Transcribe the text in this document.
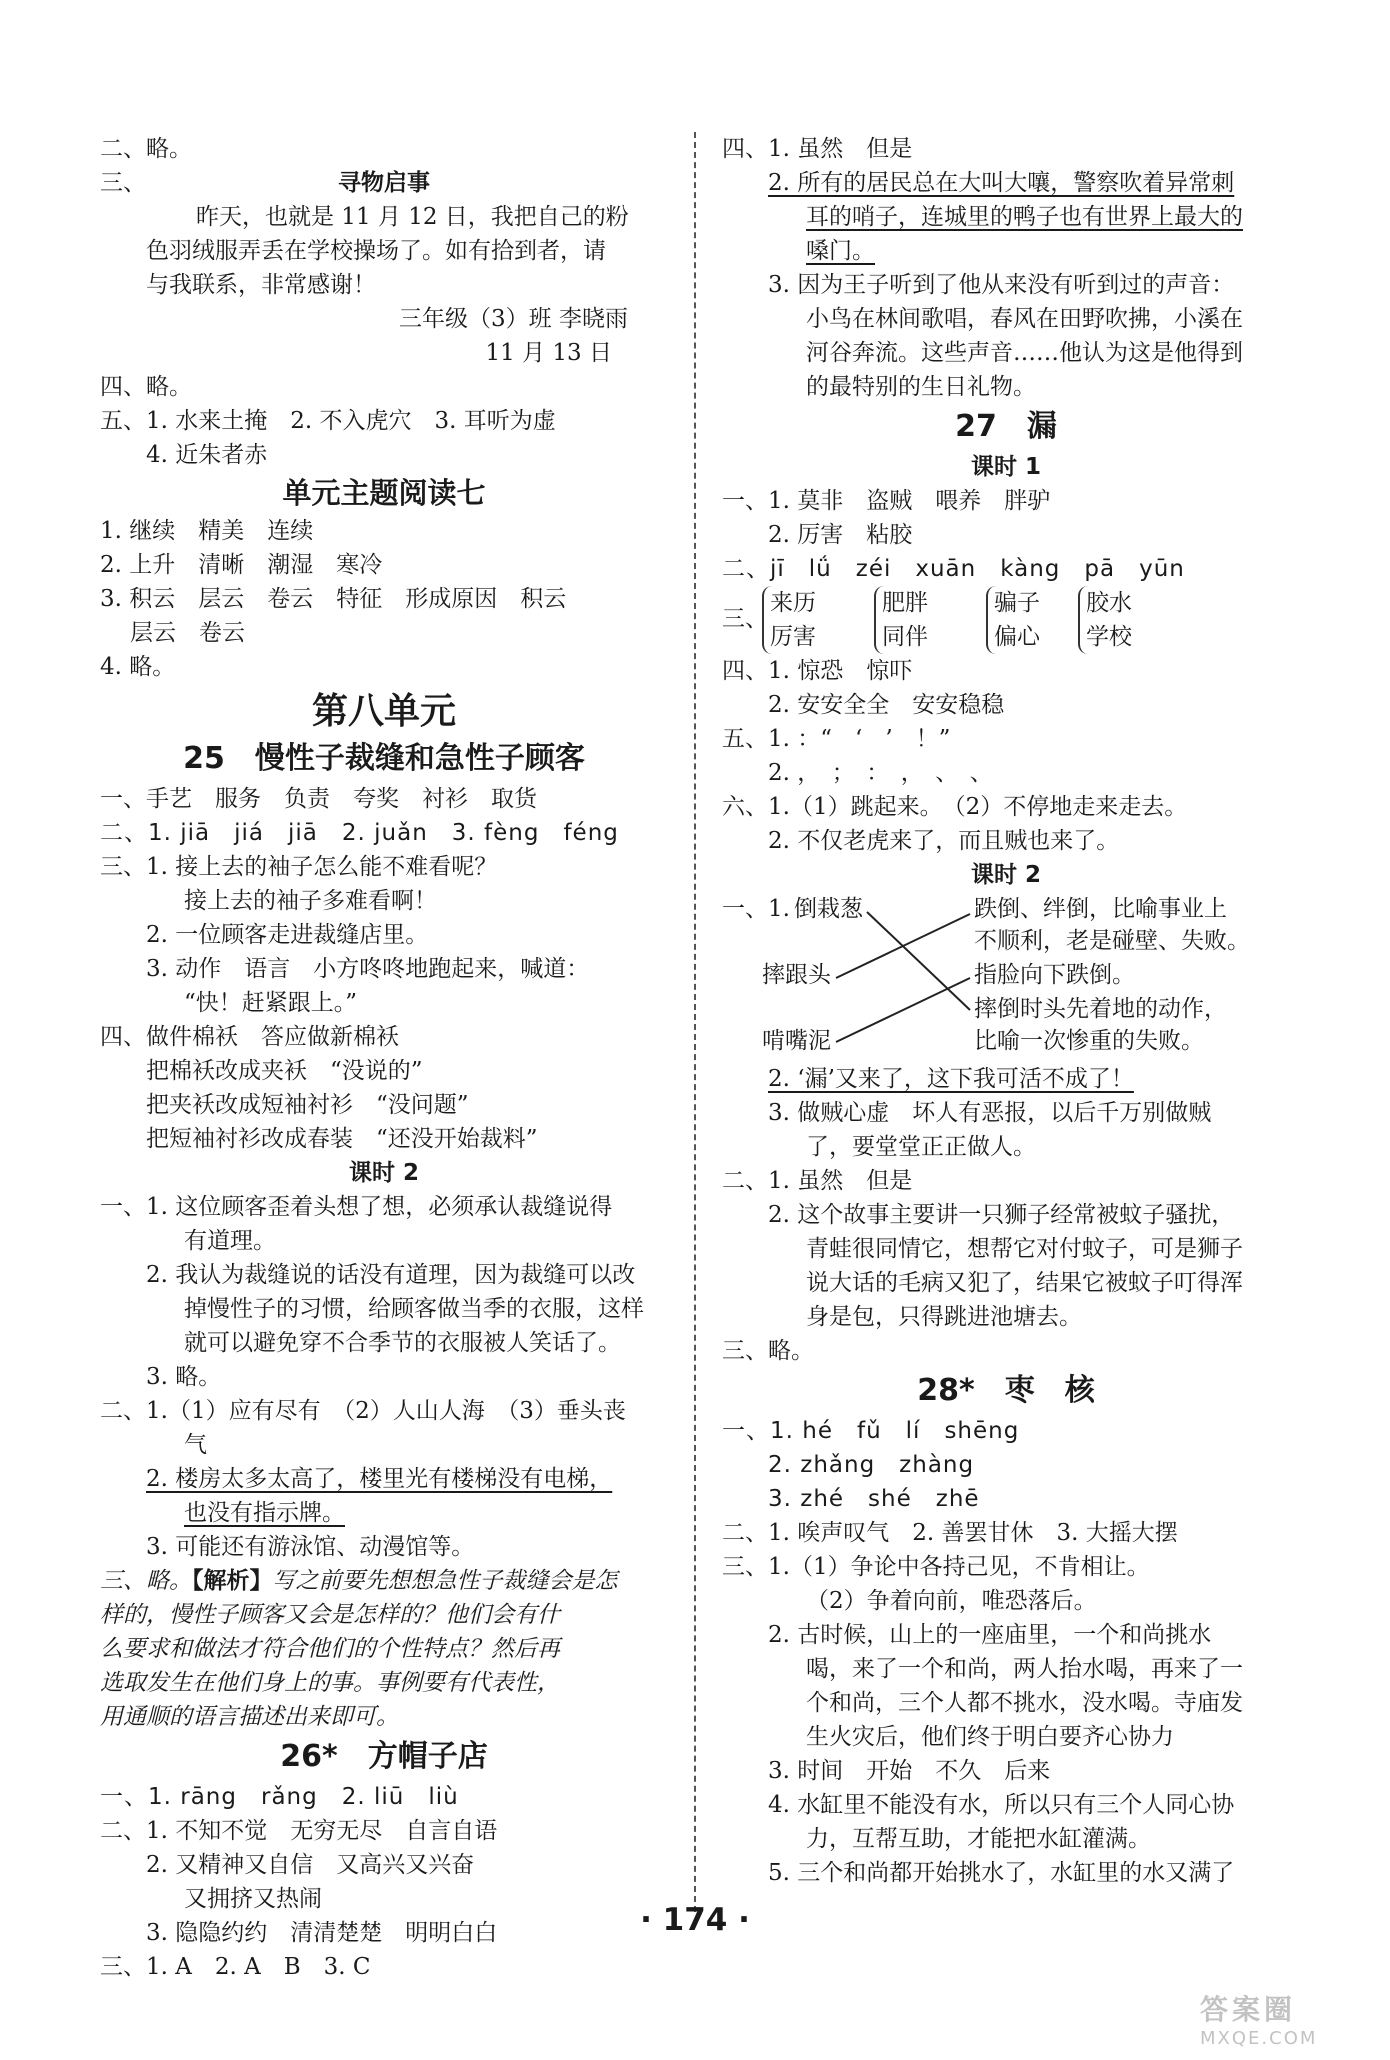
二、略。
三、	寻物启事
昨天，也就是 11 月 12 日，我把自己的粉
色羽绒服弄丢在学校操场了。如有拾到者，请
与我联系，非常感谢！
三年级（3）班 李晓雨
11 月 13 日
四、略。
五、1. 水来土掩　2. 不入虎穴　3. 耳听为虚
4. 近朱者赤
单元主题阅读七
1. 继续　精美　连续
2. 上升　清晰　潮湿　寒冷
3. 积云　层云　卷云　特征　形成原因　积云
层云　卷云
4. 略。
第八单元
25　慢性子裁缝和急性子顾客
一、手艺　服务　负责　夸奖　衬衫　取货
二、1. jiā　jiá　jiā　2. juǎn　3. fèng　féng
三、1. 接上去的袖子怎么能不难看呢？
接上去的袖子多难看啊！
2. 一位顾客走进裁缝店里。
3. 动作　语言　小方咚咚地跑起来，喊道：
“快！赶紧跟上。”
四、做件棉袄　答应做新棉袄
把棉袄改成夹袄　“没说的”
把夹袄改成短袖衬衫　“没问题”
把短袖衬衫改成春装　“还没开始裁料”
课时 2
一、1. 这位顾客歪着头想了想，必须承认裁缝说得
有道理。
2. 我认为裁缝说的话没有道理，因为裁缝可以改
掉慢性子的习惯，给顾客做当季的衣服，这样
就可以避免穿不合季节的衣服被人笑话了。
3. 略。
二、1.（1）应有尽有　（2）人山人海　（3）垂头丧
气
2. 楼房太多太高了，楼里光有楼梯没有电梯，
也没有指示牌。
3. 可能还有游泳馆、动漫馆等。
三、略。【解析】写之前要先想想急性子裁缝会是怎
样的，慢性子顾客又会是怎样的？他们会有什
么要求和做法才符合他们的个性特点？然后再
选取发生在他们身上的事。事例要有代表性，
用通顺的语言描述出来即可。
26*　方帽子店
一、1. rāng　rǎng　2. liū　liù
二、1. 不知不觉　无穷无尽　自言自语
2. 又精神又自信　又高兴又兴奋
又拥挤又热闹
3. 隐隐约约　清清楚楚　明明白白
三、1. A　2. A　B　3. C
四、1. 虽然　但是
2. 所有的居民总在大叫大嚷，警察吹着异常刺
耳的哨子，连城里的鸭子也有世界上最大的
嗓门。
3. 因为王子听到了他从来没有听到过的声音：
小鸟在林间歌唱，春风在田野吹拂，小溪在
河谷奔流。这些声音……他认为这是他得到
的最特别的生日礼物。
27　漏
课时 1
一、1. 莫非　盗贼　喂养　胖驴
2. 厉害　粘胶
二、jī　lǘ　zéi　xuān　kàng　pā　yūn
三、
来历
厉害
肥胖
同伴
骗子
偏心
胶水
学校
四、1. 惊恐　惊吓
2. 安安全全　安安稳稳
五、1. ：“　‘　’　！”
2. ，　；　：　，　、　、
六、1.（1）跳起来。　（2）不停地走来走去。
2. 不仅老虎来了，而且贼也来了。
课时 2
一、1. 倒栽葱
摔跟头
啃嘴泥
跌倒、绊倒，比喻事业上
不顺利，老是碰壁、失败。
指脸向下跌倒。
摔倒时头先着地的动作，
比喻一次惨重的失败。
2. ‘漏’又来了，这下我可活不成了！
3. 做贼心虚　坏人有恶报，以后千万别做贼
了，要堂堂正正做人。
二、1. 虽然　但是
2. 这个故事主要讲一只狮子经常被蚊子骚扰，
青蛙很同情它，想帮它对付蚊子，可是狮子
说大话的毛病又犯了，结果它被蚊子叮得浑
身是包，只得跳进池塘去。
三、略。
28*　枣　核
一、1. hé　fǔ　lí　shēng
2. zhǎng　zhàng
3. zhé　shé　zhē
二、1. 唉声叹气　2. 善罢甘休　3. 大摇大摆
三、1.（1）争论中各持己见，不肯相让。
（2）争着向前，唯恐落后。
2. 古时候，山上的一座庙里，一个和尚挑水
喝，来了一个和尚，两人抬水喝，再来了一
个和尚，三个人都不挑水，没水喝。寺庙发
生火灾后，他们终于明白要齐心协力
3. 时间　开始　不久　后来
4. 水缸里不能没有水，所以只有三个人同心协
力，互帮互助，才能把水缸灌满。
5. 三个和尚都开始挑水了，水缸里的水又满了
· 174 ·
答案圈
MXQE.COM
